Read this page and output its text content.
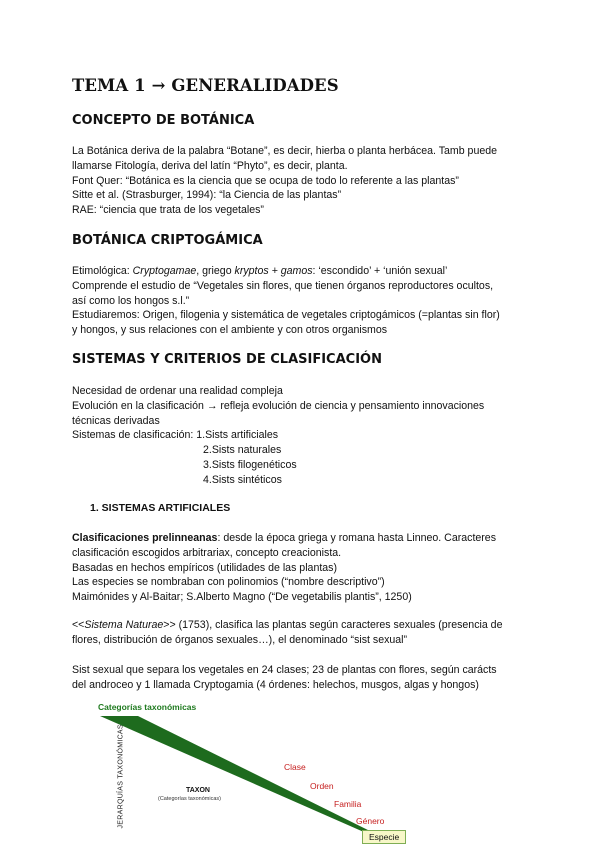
TEMA 1 → GENERALIDADES
CONCEPTO DE BOTÁNICA
La Botánica deriva de la palabra “Botane”, es decir, hierba o planta herbácea. Tamb puede
llamarse Fitología, deriva del latín “Phyto”, es decir, planta.
Font Quer: “Botánica es la ciencia que se ocupa de todo lo referente a las plantas”
Sitte et al. (Strasburger, 1994): “la Ciencia de las plantas”
RAE: “ciencia que trata de los vegetales”
BOTÁNICA CRIPTOGÁMICA
Etimológica: Cryptogamae, griego kryptos + gamos: ‘escondido’ + ‘unión sexual’
Comprende el estudio de “Vegetales sin flores, que tienen órganos reproductores ocultos,
así como los hongos s.l.”
Estudiaremos: Origen, filogenia y sistemática de vegetales criptogámicos (=plantas sin flor)
y hongos, y sus relaciones con el ambiente y con otros organismos
SISTEMAS Y CRITERIOS DE CLASIFICACIÓN
Necesidad de ordenar una realidad compleja
Evolución en la clasificación → refleja evolución de ciencia y pensamiento innovaciones
técnicas derivadas
Sistemas de clasificación: 1.Sists artificiales
2.Sists naturales
3.Sists filogenéticos
4.Sists sintéticos
1. SISTEMAS ARTIFICIALES
Clasificaciones prelinneanas: desde la época griega y romana hasta Linneo. Caracteres
clasificación escogidos arbitrariax, concepto creacionista.
Basadas en hechos empíricos (utilidades de las plantas)
Las especies se nombraban con polinomios (“nombre descriptivo”)
Maimónides y Al-Baitar; S.Alberto Magno (“De vegetabilis plantis”, 1250)
<<Sistema Naturae>> (1753), clasifica las plantas según caracteres sexuales (presencia de
flores, distribución de órganos sexuales…), el denominado “sist sexual”
Sist sexual que separa los vegetales en 24 clases; 23 de plantas con flores, según carácts
del androceo y 1 llamada Cryptogamia (4 órdenes: helechos, musgos, algas y hongos)
Categorías taxonómicas
JERARQUÍAS TAXONÓMICAS	Clase
Orden
Familia
Género
TAXON
(Categorías taxonómicas)
Especie
